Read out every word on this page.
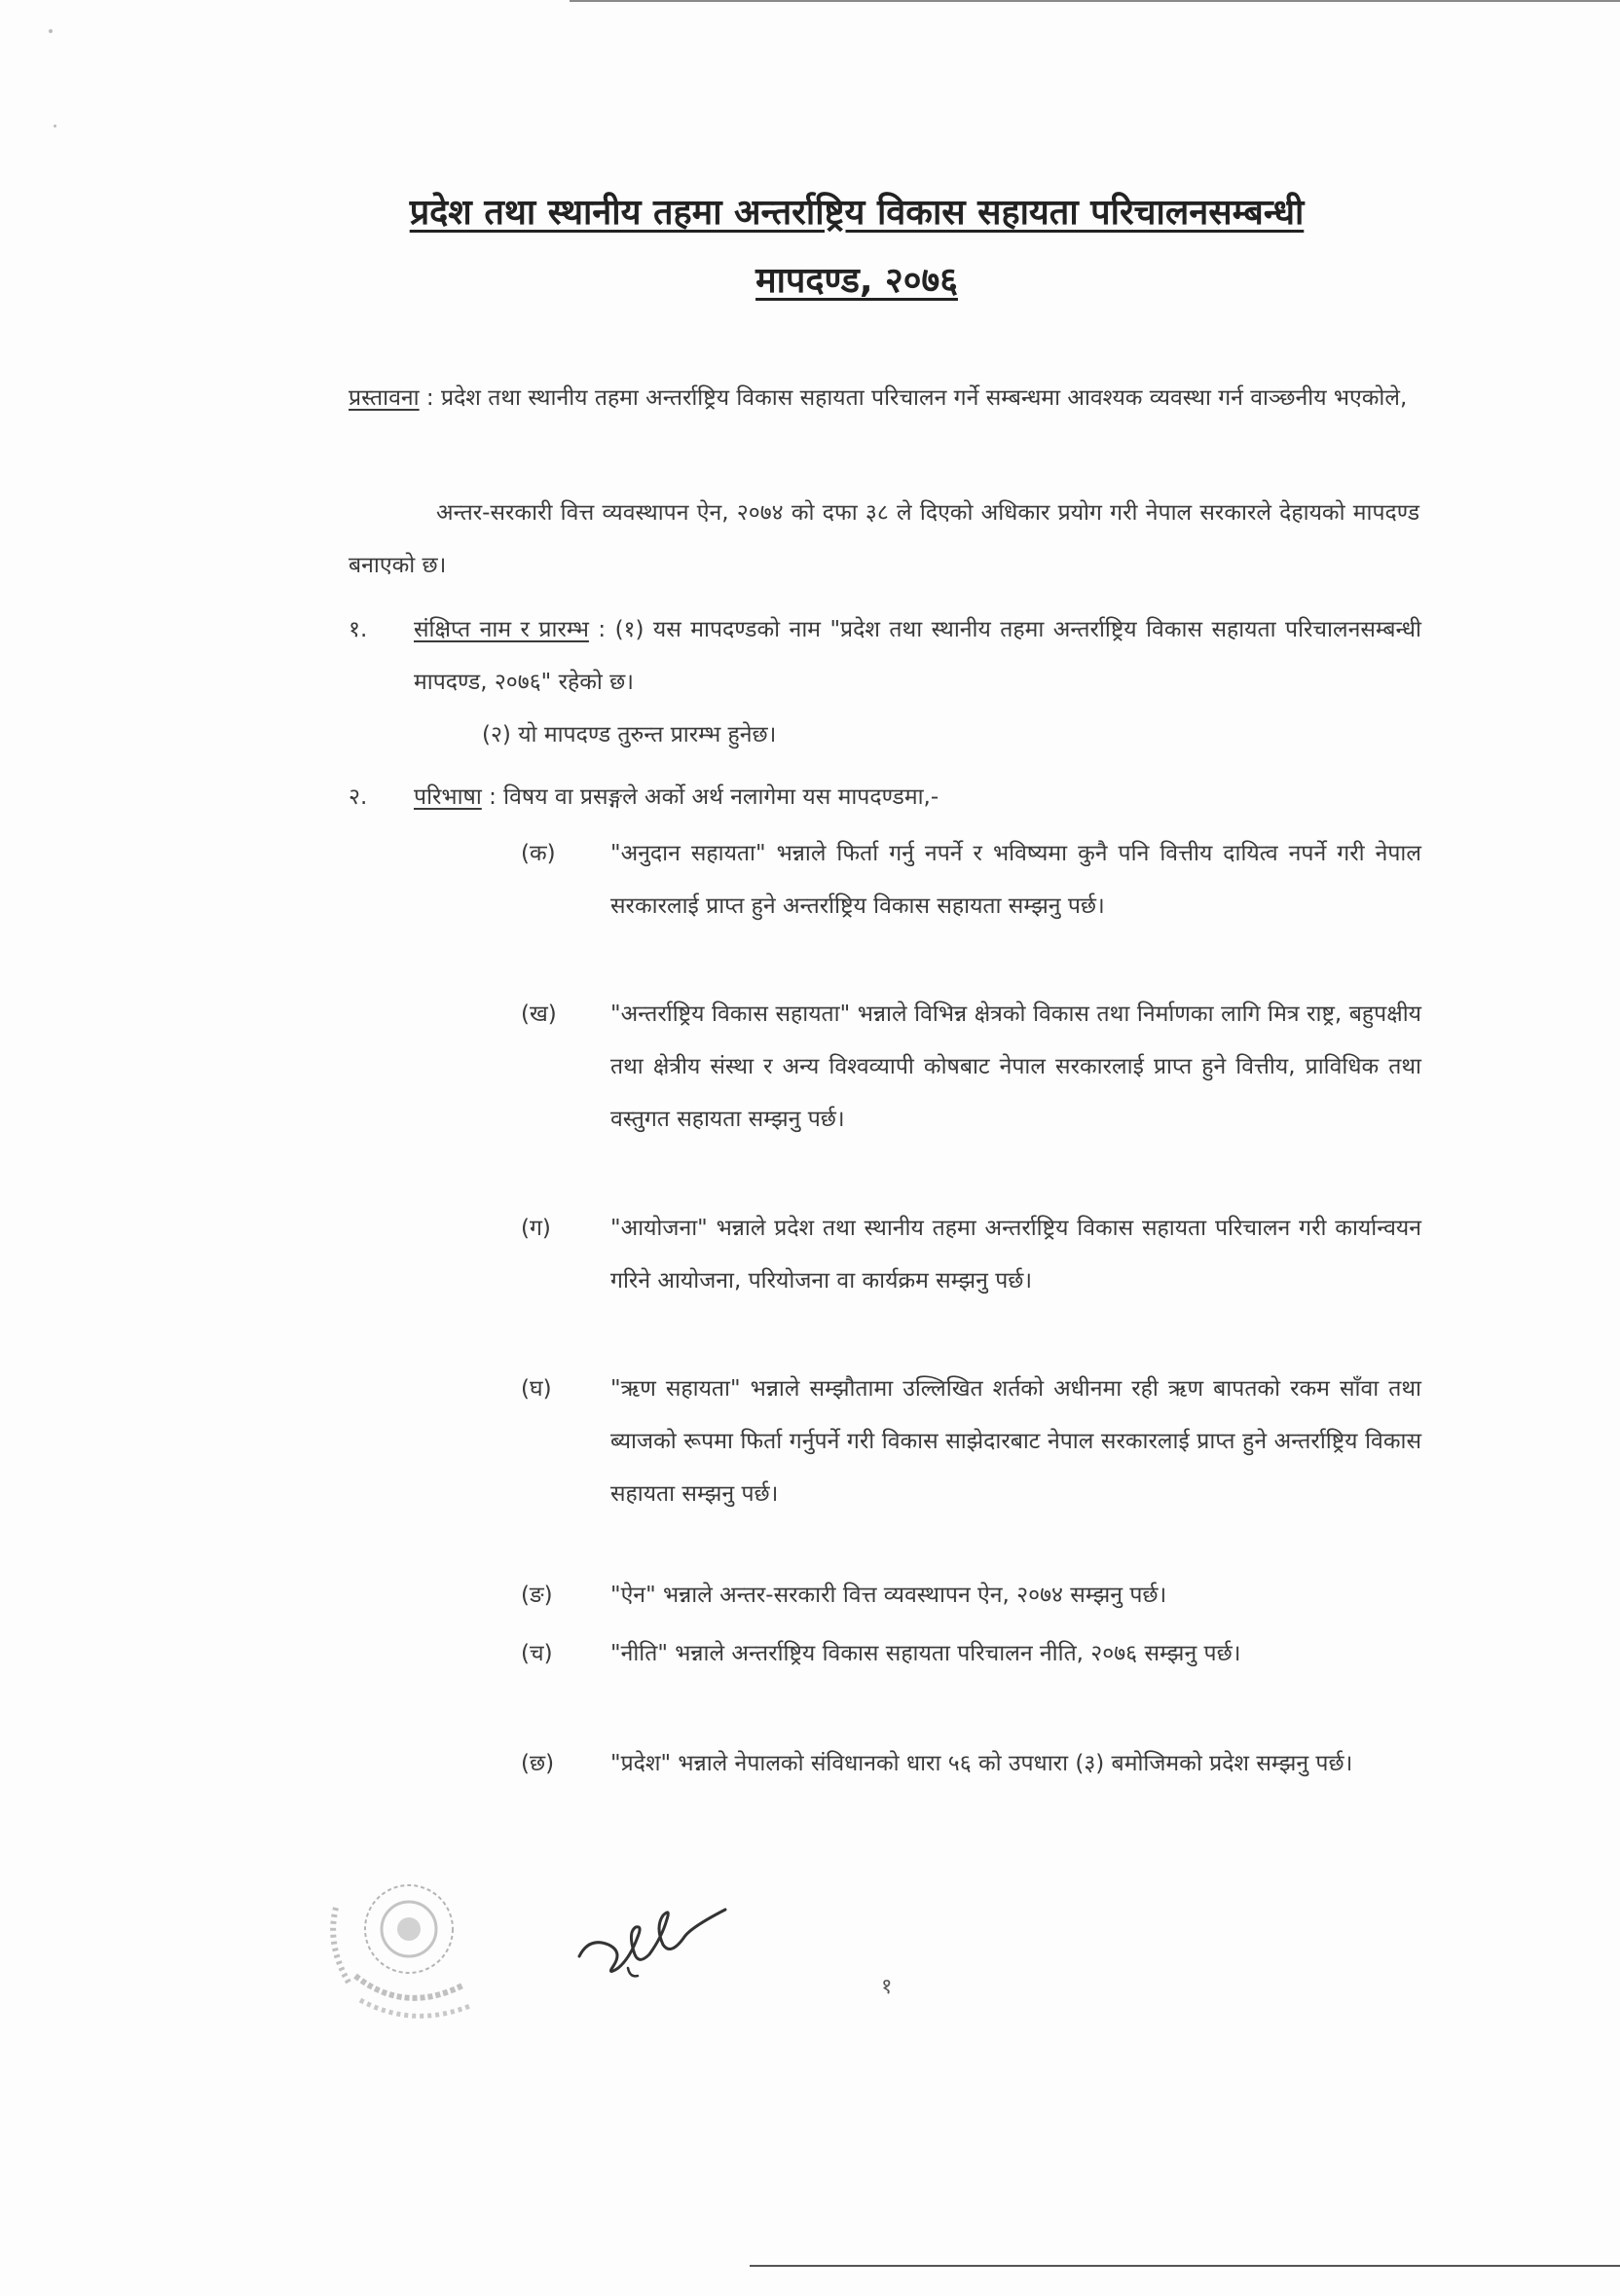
प्रदेश तथा स्थानीय तहमा अन्तर्राष्ट्रिय विकास सहायता परिचालनसम्बन्धी
मापदण्ड, २०७६
प्रस्तावना : प्रदेश तथा स्थानीय तहमा अन्तर्राष्ट्रिय विकास सहायता परिचालन गर्ने सम्बन्धमा आवश्यक व्यवस्था गर्न वाञ्छनीय भएकोले,
अन्तर-सरकारी वित्त व्यवस्थापन ऐन, २०७४ को दफा ३८ ले दिएको अधिकार प्रयोग गरी नेपाल सरकारले देहायको मापदण्ड बनाएको छ।
१. संक्षिप्त नाम र प्रारम्भ : (१) यस मापदण्डको नाम "प्रदेश तथा स्थानीय तहमा अन्तर्राष्ट्रिय विकास सहायता परिचालनसम्बन्धी मापदण्ड, २०७६" रहेको छ।
(२) यो मापदण्ड तुरुन्त प्रारम्भ हुनेछ।
२. परिभाषा : विषय वा प्रसङ्गले अर्को अर्थ नलागेमा यस मापदण्डमा,-
(क) "अनुदान सहायता" भन्नाले फिर्ता गर्नु नपर्ने र भविष्यमा कुनै पनि वित्तीय दायित्व नपर्ने गरी नेपाल सरकारलाई प्राप्त हुने अन्तर्राष्ट्रिय विकास सहायता सम्झनु पर्छ।
(ख) "अन्तर्राष्ट्रिय विकास सहायता" भन्नाले विभिन्न क्षेत्रको विकास तथा निर्माणका लागि मित्र राष्ट्र, बहुपक्षीय तथा क्षेत्रीय संस्था र अन्य विश्वव्यापी कोषबाट नेपाल सरकारलाई प्राप्त हुने वित्तीय, प्राविधिक तथा वस्तुगत सहायता सम्झनु पर्छ।
(ग)	"आयोजना" भन्नाले प्रदेश तथा स्थानीय तहमा अन्तर्राष्ट्रिय विकास सहायता परिचालन गरी कार्यान्वयन गरिने आयोजना, परियोजना वा कार्यक्रम सम्झनु पर्छ।
(घ)	"ऋण सहायता" भन्नाले सम्झौतामा उल्लिखित शर्तको अधीनमा रही ऋण बापतको रकम साँवा तथा ब्याजको रूपमा फिर्ता गर्नुपर्ने गरी विकास साझेदारबाट नेपाल सरकारलाई प्राप्त हुने अन्तर्राष्ट्रिय विकास सहायता सम्झनु पर्छ।
(ङ)	"ऐन" भन्नाले अन्तर-सरकारी वित्त व्यवस्थापन ऐन, २०७४ सम्झनु पर्छ।
(च)	"नीति" भन्नाले अन्तर्राष्ट्रिय विकास सहायता परिचालन नीति, २०७६ सम्झनु पर्छ।
(छ)	"प्रदेश" भन्नाले नेपालको संविधानको धारा ५६ को उपधारा (३) बमोजिमको प्रदेश सम्झनु पर्छ।
१
